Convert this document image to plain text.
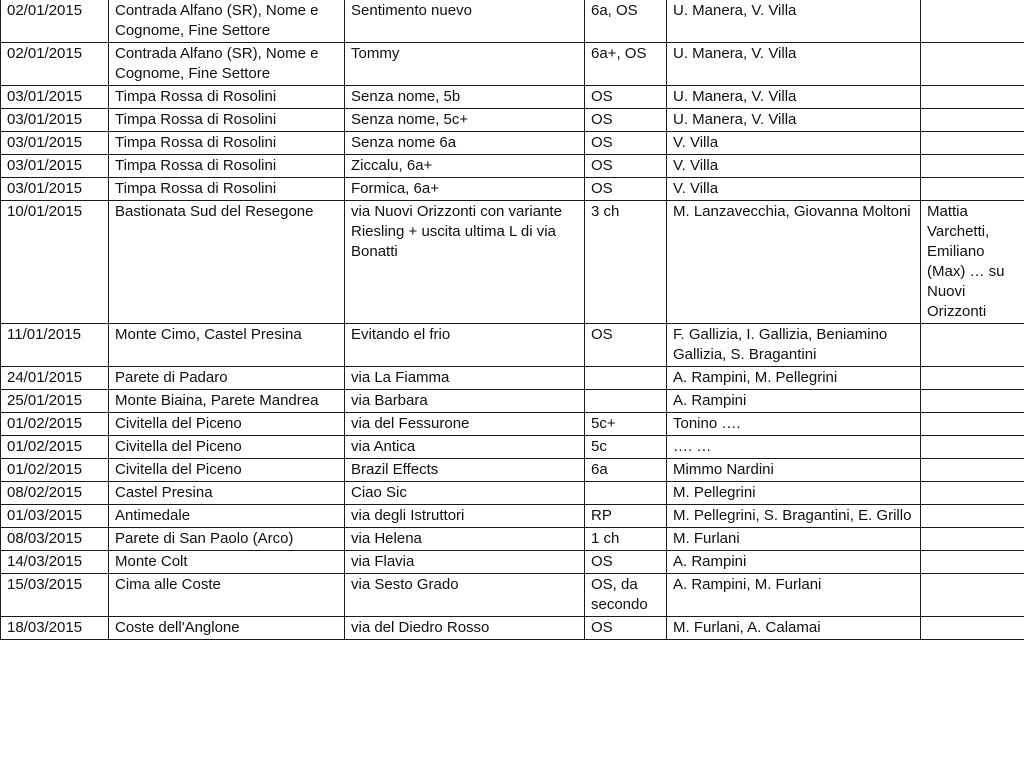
02/01/2015	Contrada Alfano (SR), Nome e Cognome, Fine Settore	Sentimento nuevo	6a, OS	U. Manera, V. Villa	
02/01/2015	Contrada Alfano (SR), Nome e Cognome, Fine Settore	Tommy	6a+, OS	U. Manera, V. Villa	
03/01/2015	Timpa Rossa di Rosolini	Senza nome, 5b	OS	U. Manera, V. Villa	
03/01/2015	Timpa Rossa di Rosolini	Senza nome, 5c+	OS	U. Manera, V. Villa	
03/01/2015	Timpa Rossa di Rosolini	Senza nome 6a	OS	V. Villa	
03/01/2015	Timpa Rossa di Rosolini	Ziccalu, 6a+	OS	V. Villa	
03/01/2015	Timpa Rossa di Rosolini	Formica, 6a+	OS	V. Villa	
10/01/2015	Bastionata Sud del Resegone	via Nuovi Orizzonti con variante Riesling + uscita ultima L di via Bonatti	3 ch	M. Lanzavecchia, Giovanna Moltoni	Mattia Varchetti, Emiliano (Max) … su Nuovi Orizzonti
11/01/2015	Monte Cimo, Castel Presina	Evitando el frio	OS	F. Gallizia, I. Gallizia, Beniamino Gallizia, S. Bragantini	
24/01/2015	Parete di Padaro	via La Fiamma		A. Rampini, M. Pellegrini	
25/01/2015	Monte Biaina, Parete Mandrea	via Barbara		A. Rampini	
01/02/2015	Civitella del Piceno	via del Fessurone	5c+	Tonino ….	
01/02/2015	Civitella del Piceno	via Antica	5c	…. …	
01/02/2015	Civitella del Piceno	Brazil Effects	6a	Mimmo Nardini	
08/02/2015	Castel Presina	Ciao Sic		M. Pellegrini	
01/03/2015	Antimedale	via degli Istruttori	RP	M. Pellegrini, S. Bragantini, E. Grillo	
08/03/2015	Parete di San Paolo (Arco)	via Helena	1 ch	M. Furlani	
14/03/2015	Monte Colt	via Flavia	OS	A. Rampini	
15/03/2015	Cima alle Coste	via Sesto Grado	OS, da secondo	A. Rampini, M. Furlani	
18/03/2015	Coste dell'Anglone	via del Diedro Rosso	OS	M. Furlani, A. Calamai	
